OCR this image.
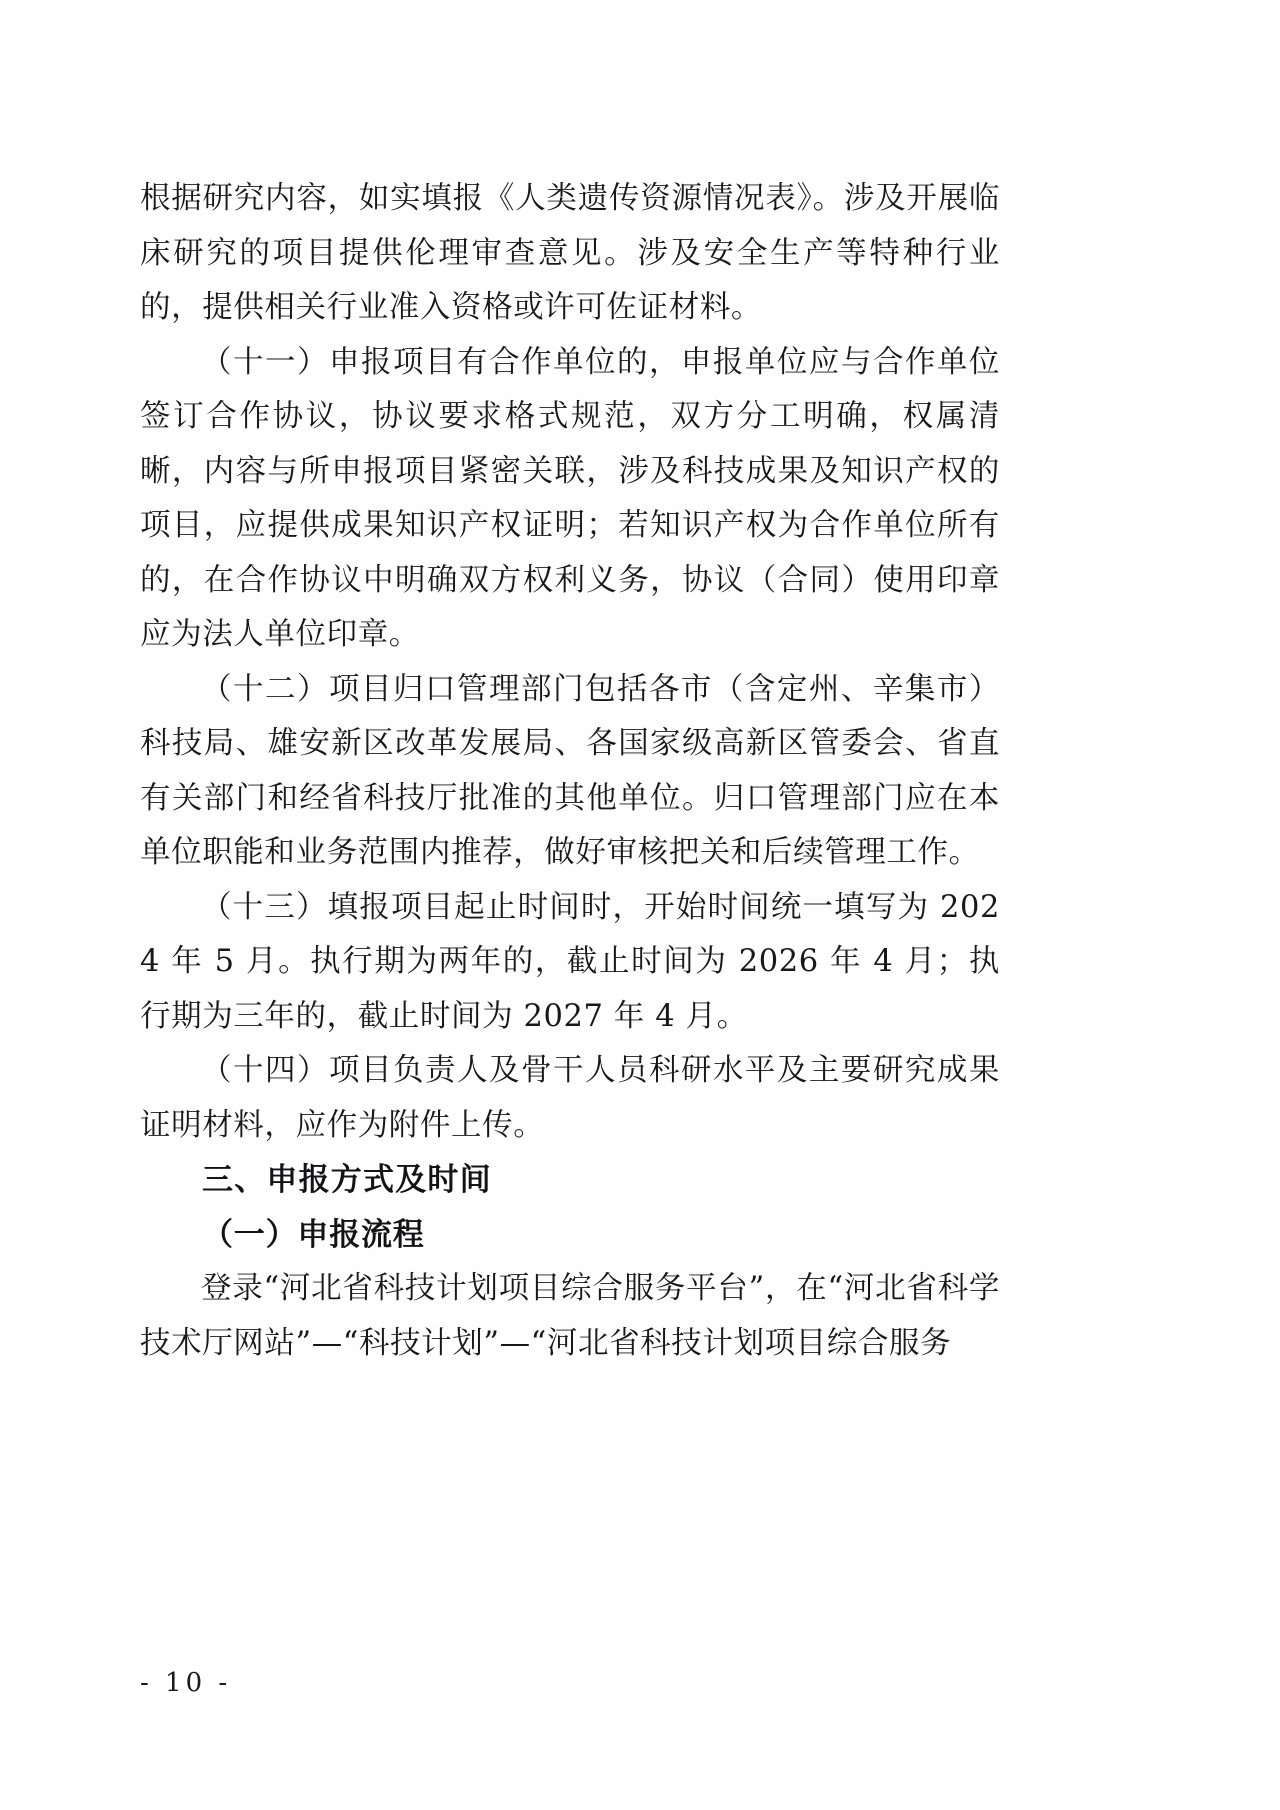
根据研究内容，如实填报《人类遗传资源情况表》。涉及开展临床研究的项目提供伦理审查意见。涉及安全生产等特种行业的，提供相关行业准入资格或许可佐证材料。

（十一）申报项目有合作单位的，申报单位应与合作单位签订合作协议，协议要求格式规范，双方分工明确，权属清晰，内容与所申报项目紧密关联，涉及科技成果及知识产权的项目，应提供成果知识产权证明；若知识产权为合作单位所有的，在合作协议中明确双方权利义务，协议（合同）使用印章应为法人单位印章。

（十二）项目归口管理部门包括各市（含定州、辛集市）科技局、雄安新区改革发展局、各国家级高新区管委会、省直有关部门和经省科技厅批准的其他单位。归口管理部门应在本单位职能和业务范围内推荐，做好审核把关和后续管理工作。

（十三）填报项目起止时间时，开始时间统一填写为 2024 年 5 月。执行期为两年的，截止时间为 2026 年 4 月；执行期为三年的，截止时间为 2027 年 4 月。

（十四）项目负责人及骨干人员科研水平及主要研究成果证明材料，应作为附件上传。

三、申报方式及时间

（一）申报流程

登录“河北省科技计划项目综合服务平台”，在“河北省科学技术厅网站”—“科技计划”—“河北省科技计划项目综合服务

- 10 -
